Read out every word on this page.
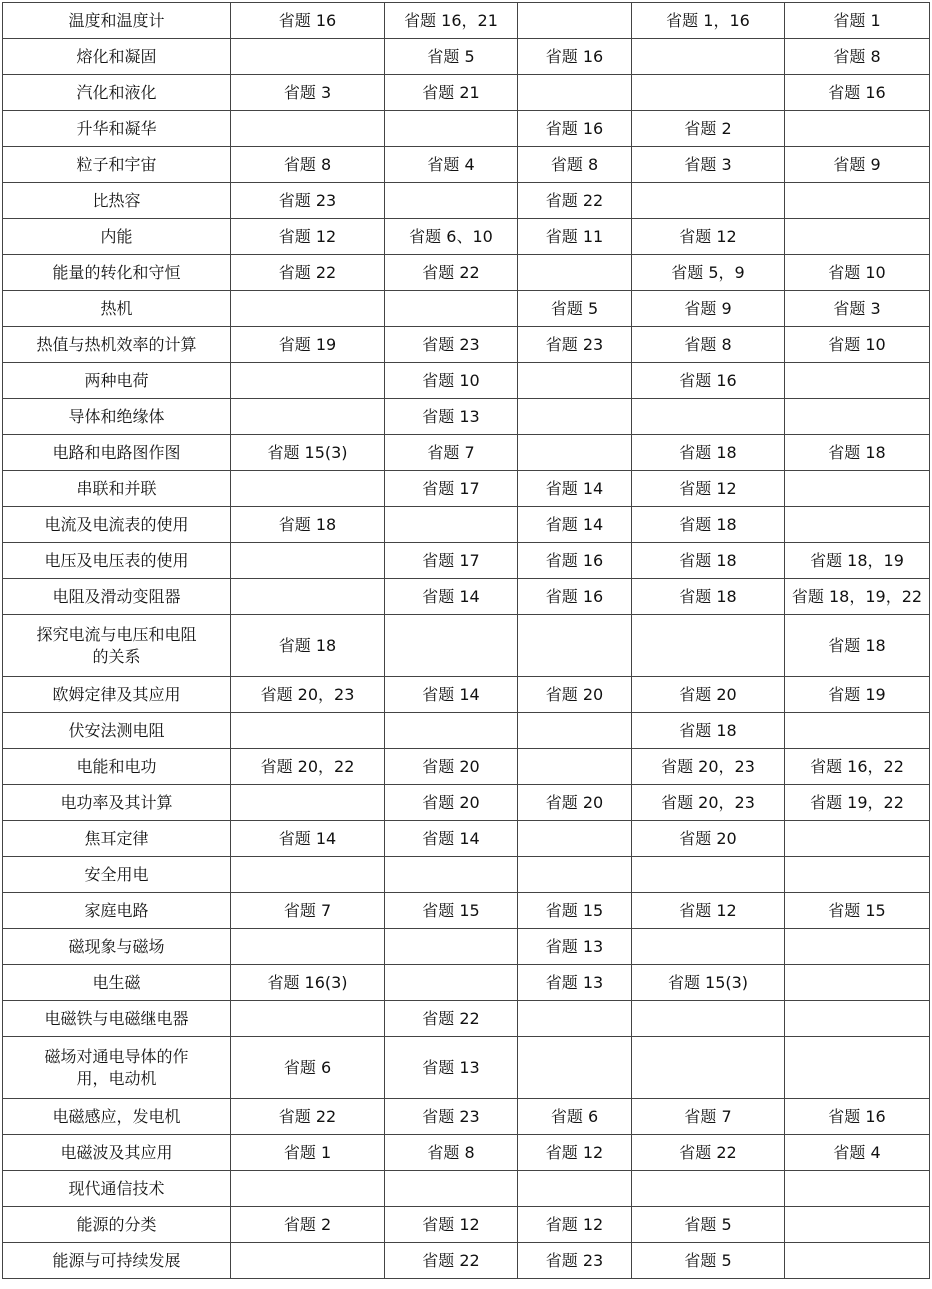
温度和温度计	省题 16	省题 16，21		省题 1，16	省题 1
熔化和凝固		省题 5	省题 16		省题 8
汽化和液化	省题 3	省题 21			省题 16
升华和凝华			省题 16	省题 2	
粒子和宇宙	省题 8	省题 4	省题 8	省题 3	省题 9
比热容	省题 23		省题 22		
内能	省题 12	省题 6、10	省题 11	省题 12	
能量的转化和守恒	省题 22	省题 22		省题 5，9	省题 10
热机			省题 5	省题 9	省题 3
热值与热机效率的计算	省题 19	省题 23	省题 23	省题 8	省题 10
两种电荷		省题 10		省题 16	
导体和绝缘体		省题 13			
电路和电路图作图	省题 15(3)	省题 7		省题 18	省题 18
串联和并联		省题 17	省题 14	省题 12	
电流及电流表的使用	省题 18		省题 14	省题 18	
电压及电压表的使用		省题 17	省题 16	省题 18	省题 18，19
电阻及滑动变阻器		省题 14	省题 16	省题 18	省题 18，19，22
探究电流与电压和电阻的关系	省题 18				省题 18
欧姆定律及其应用	省题 20，23	省题 14	省题 20	省题 20	省题 19
伏安法测电阻				省题 18	
电能和电功	省题 20，22	省题 20		省题 20，23	省题 16，22
电功率及其计算		省题 20	省题 20	省题 20，23	省题 19，22
焦耳定律	省题 14	省题 14		省题 20	
安全用电					
家庭电路	省题 7	省题 15	省题 15	省题 12	省题 15
磁现象与磁场			省题 13		
电生磁	省题 16(3)		省题 13	省题 15(3)	
电磁铁与电磁继电器		省题 22			
磁场对通电导体的作用，电动机	省题 6	省题 13			
电磁感应，发电机	省题 22	省题 23	省题 6	省题 7	省题 16
电磁波及其应用	省题 1	省题 8	省题 12	省题 22	省题 4
现代通信技术					
能源的分类	省题 2	省题 12	省题 12	省题 5	
能源与可持续发展		省题 22	省题 23	省题 5	
